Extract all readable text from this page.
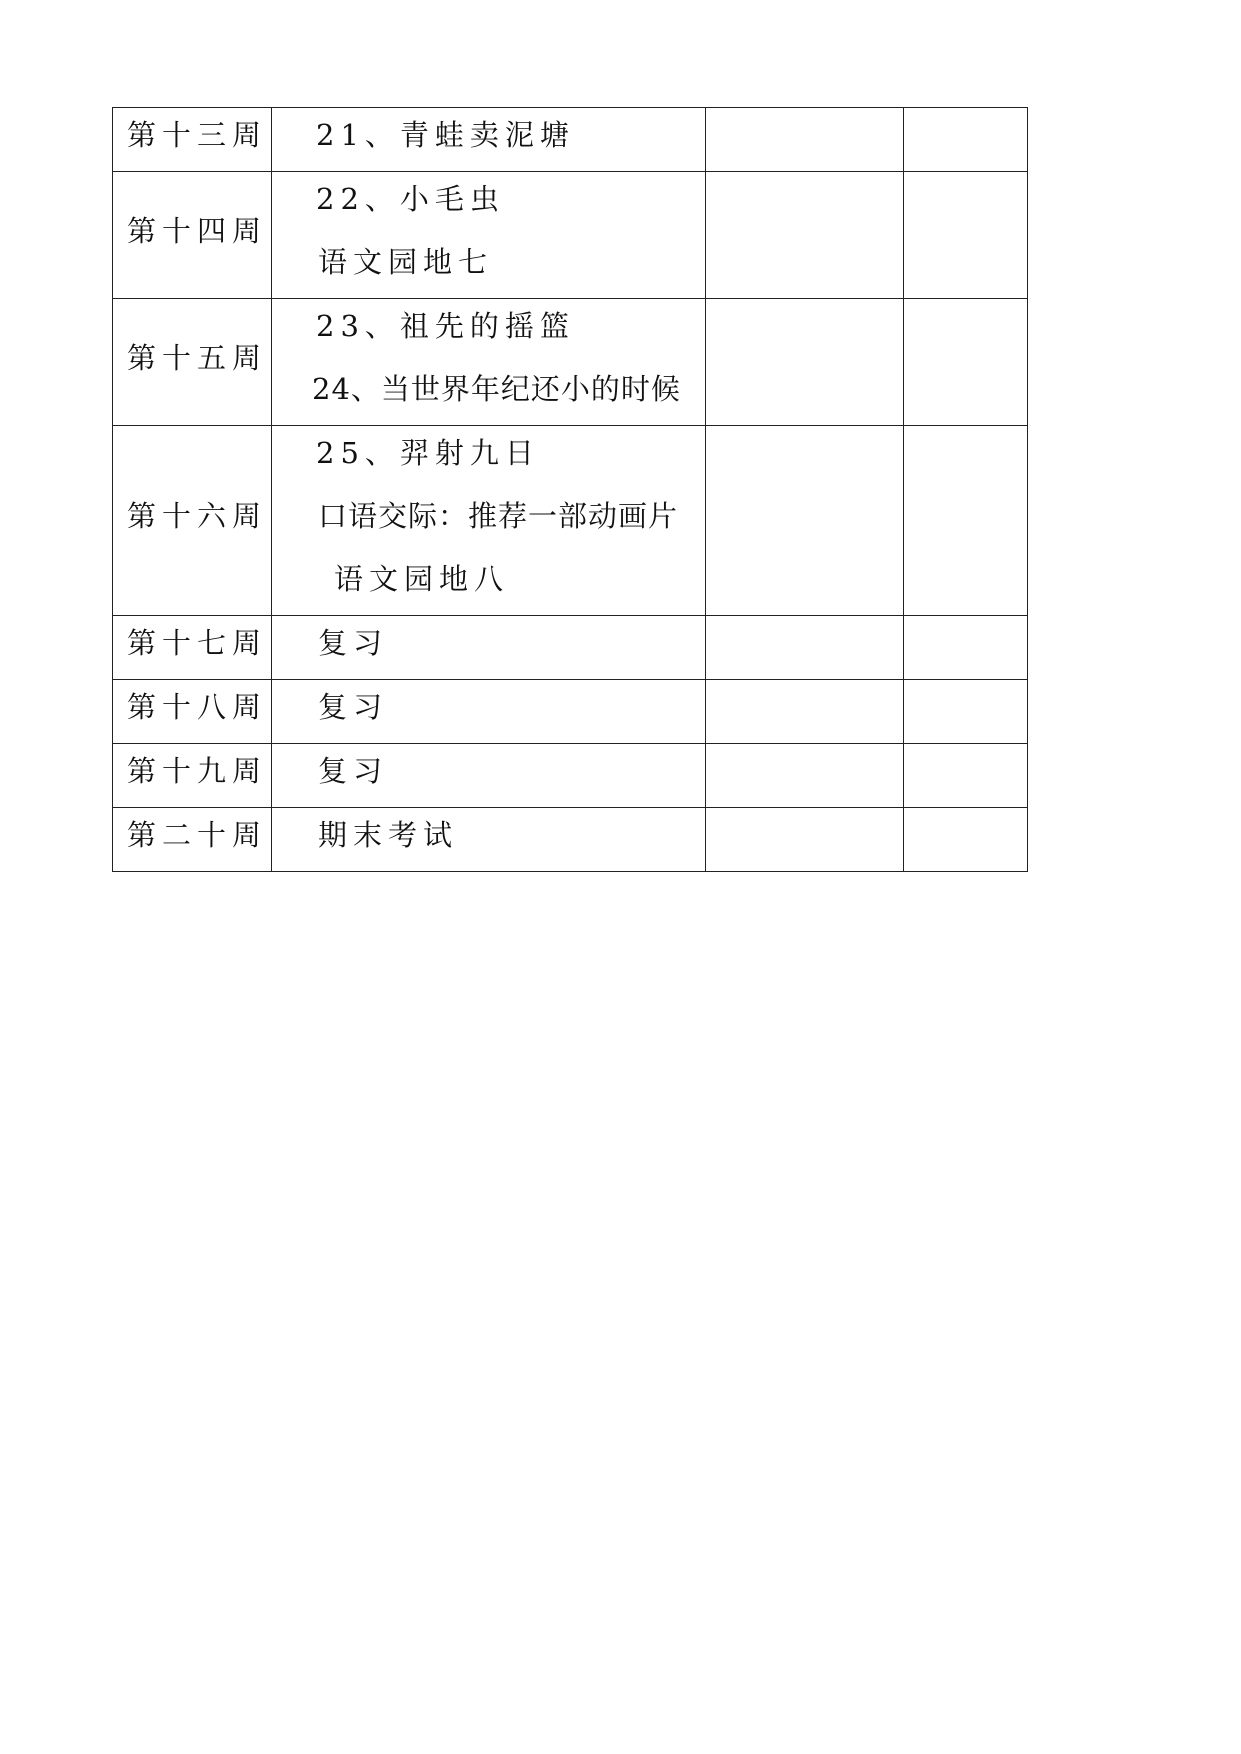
第十三周	21、青蛙卖泥塘		

第十四周	22、小毛虫
语文园地七		

第十五周	23、祖先的摇篮
24、当世界年纪还小的时候		

第十六周	25、羿射九日
口语交际：推荐一部动画片
语文园地八		

第十七周	复习		

第十八周	复习		

第十九周	复习		

第二十周	期末考试		
